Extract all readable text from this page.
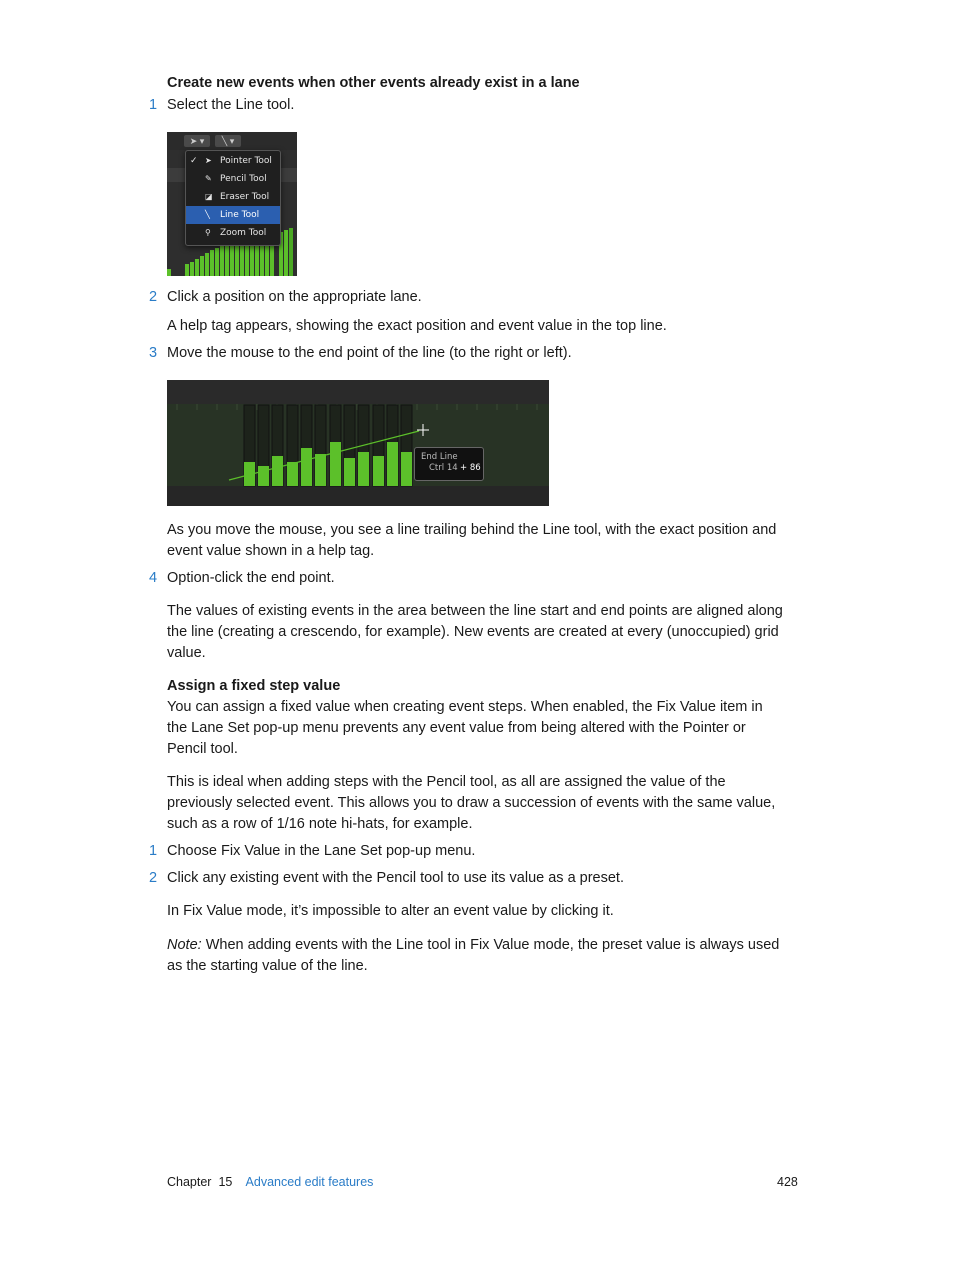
Create new events when other events already exist in a lane
1 Select the Line tool.
➤ ▾	╲ ▾
✓ ➤ Pointer Tool
✎ Pencil Tool
◪ Eraser Tool
╲ Line Tool
⚲ Zoom Tool
2 Click a position on the appropriate lane.
A help tag appears, showing the exact position and event value in the top line.
3 Move the mouse to the end point of the line (to the right or left).
End Line
Ctrl 14 + 86
As you move the mouse, you see a line trailing behind the Line tool, with the exact position and event value shown in a help tag.
4 Option-click the end point.
The values of existing events in the area between the line start and end points are aligned along the line (creating a crescendo, for example). New events are created at every (unoccupied) grid value.
Assign a fixed step value
You can assign a fixed value when creating event steps. When enabled, the Fix Value item in the Lane Set pop-up menu prevents any event value from being altered with the Pointer or Pencil tool.
This is ideal when adding steps with the Pencil tool, as all are assigned the value of the previously selected event. This allows you to draw a succession of events with the same value, such as a row of 1/16 note hi-hats, for example.
1 Choose Fix Value in the Lane Set pop-up menu.
2 Click any existing event with the Pencil tool to use its value as a preset.
In Fix Value mode, it’s impossible to alter an event value by clicking it.
Note: When adding events with the Line tool in Fix Value mode, the preset value is always used as the starting value of the line.
Chapter 15 Advanced edit features	428
